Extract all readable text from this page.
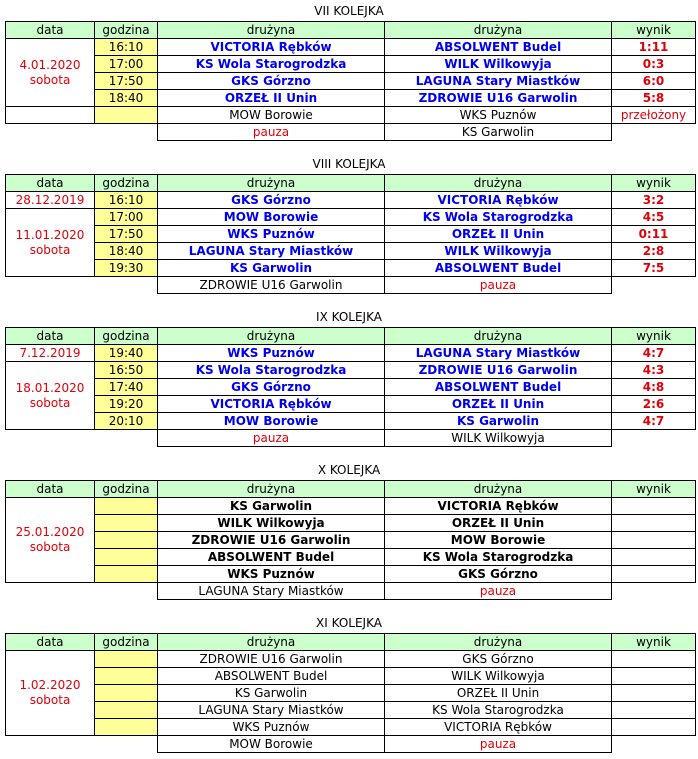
VII KOLEJKA
data	godzina	drużyna	drużyna	wynik

4.01.2020
sobota	16:10	VICTORIA Rębków	ABSOLWENT Budel	1:11
	17:00	KS Wola Starogrodzka	WILK Wilkowyja	0:3
	17:50	GKS Górzno	LAGUNA Stary Miastków	6:0
	18:40	ORZEŁ II Unin	ZDROWIE U16 Garwolin	5:8
		MOW Borowie	WKS Puznów	przełożony
		pauza	KS Garwolin	
VIII KOLEJKA
data	godzina	drużyna	drużyna	wynik
28.12.2019	16:10	GKS Górzno	VICTORIA Rębków	3:2

11.01.2020
sobota	17:00	MOW Borowie	KS Wola Starogrodzka	4:5
	17:50	WKS Puznów	ORZEŁ II Unin	0:11
	18:40	LAGUNA Stary Miastków	WILK Wilkowyja	2:8
	19:30	KS Garwolin	ABSOLWENT Budel	7:5
		ZDROWIE U16 Garwolin	pauza	
IX KOLEJKA
data	godzina	drużyna	drużyna	wynik
7.12.2019	19:40	WKS Puznów	LAGUNA Stary Miastków	4:7

18.01.2020
sobota	16:50	KS Wola Starogrodzka	ZDROWIE U16 Garwolin	4:3
	17:40	GKS Górzno	ABSOLWENT Budel	4:8
	19:20	VICTORIA Rębków	ORZEŁ II Unin	2:6
	20:10	MOW Borowie	KS Garwolin	4:7
		pauza	WILK Wilkowyja	
X KOLEJKA
data	godzina	drużyna	drużyna	wynik

25.01.2020
sobota		KS Garwolin	VICTORIA Rębków	
		WILK Wilkowyja	ORZEŁ II Unin	
		ZDROWIE U16 Garwolin	MOW Borowie	
		ABSOLWENT Budel	KS Wola Starogrodzka	
		WKS Puznów	GKS Górzno	
		LAGUNA Stary Miastków	pauza	
XI KOLEJKA
data	godzina	drużyna	drużyna	wynik

1.02.2020
sobota		ZDROWIE U16 Garwolin	GKS Górzno	
		ABSOLWENT Budel	WILK Wilkowyja	
		KS Garwolin	ORZEŁ II Unin	
		LAGUNA Stary Miastków	KS Wola Starogrodzka	
		WKS Puznów	VICTORIA Rębków	
		MOW Borowie	pauza	
